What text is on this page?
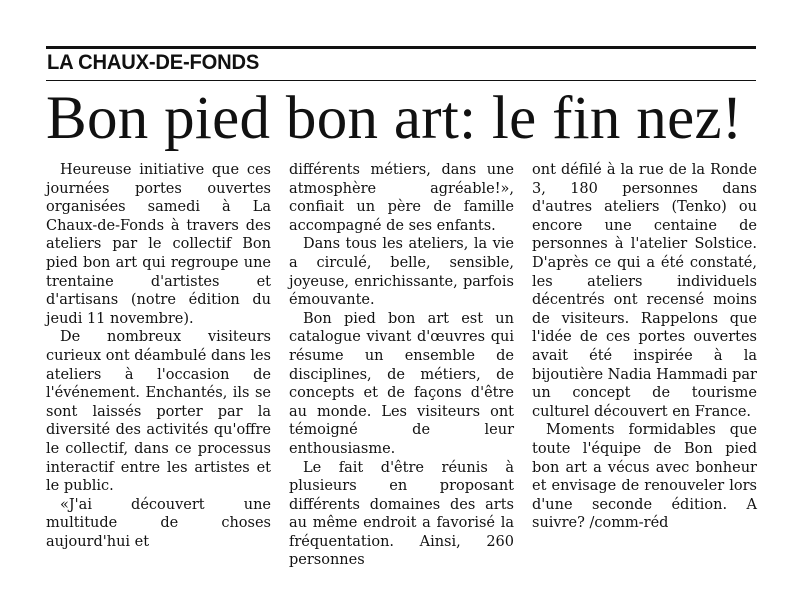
LA CHAUX-DE-FONDS
Bon pied bon art: le fin nez!

Heureuse initiative que ces journées portes ouvertes organisées samedi à La Chaux-de-Fonds à travers des ateliers par le collectif Bon pied bon art qui regroupe une trentaine d'artistes et d'artisans (notre édition du jeudi 11 novembre).

De nombreux visiteurs curieux ont déambulé dans les ateliers à l'occasion de l'événement. Enchantés, ils se sont laissés porter par la diversité des activités qu'offre le collectif, dans ce processus interactif entre les artistes et le public.

«J'ai découvert une multitude de choses aujourd'hui et

différents métiers, dans une atmosphère agréable!», confiait un père de famille accompagné de ses enfants.

Dans tous les ateliers, la vie a circulé, belle, sensible, joyeuse, enrichissante, parfois émouvante.

Bon pied bon art est un catalogue vivant d'œuvres qui résume un ensemble de disciplines, de métiers, de concepts et de façons d'être au monde. Les visiteurs ont témoigné de leur enthousiasme.

Le fait d'être réunis à plusieurs en proposant différents domaines des arts au même endroit a favorisé la fréquentation. Ainsi, 260 personnes

ont défilé à la rue de la Ronde 3, 180 personnes dans d'autres ateliers (Tenko) ou encore une centaine de personnes à l'atelier Solstice. D'après ce qui a été constaté, les ateliers individuels décentrés ont recensé moins de visiteurs. Rappelons que l'idée de ces portes ouvertes avait été inspirée à la bijoutière Nadia Hammadi par un concept de tourisme culturel découvert en France.

Moments formidables que toute l'équipe de Bon pied bon art a vécus avec bonheur et envisage de renouveler lors d'une seconde édition. A suivre? /comm-réd
